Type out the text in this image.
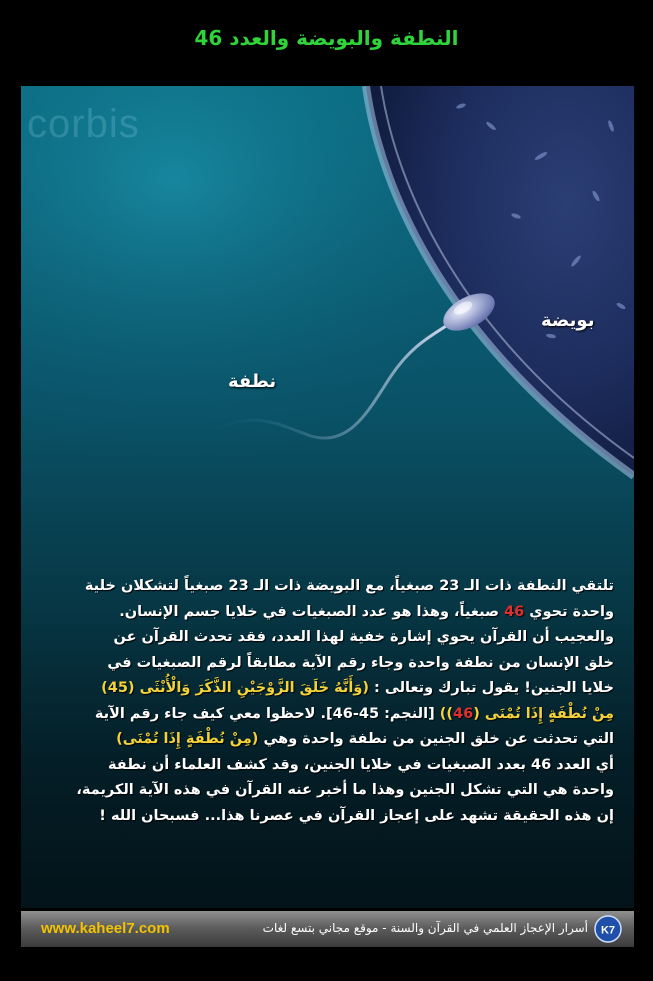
النطفة والبويضة والعدد 46
corbis
بويضة
نطفة

تلتقي النطفة ذات الـ 23 صبغياً، مع البويضة ذات الـ 23 صبغياً لتشكلان خلية

واحدة تحوي 46 صبغياً، وهذا هو عدد الصبغيات في خلايا جسم الإنسان.

والعجيب أن القرآن يحوي إشارة خفية لهذا العدد، فقد تحدث القرآن عن

خلق الإنسان من نطفة واحدة وجاء رقم الآية مطابقاً لرقم الصبغيات في

خلايا الجنين! يقول تبارك وتعالى : (وَأَنَّهُ خَلَقَ الزَّوْجَيْنِ الذَّكَرَ وَالْأُنْثَى (45)

مِنْ نُطْفَةٍ إِذَا تُمْنَى (46)) [النجم: 45-46]. لاحظوا معي كيف جاء رقم الآية

التي تحدثت عن خلق الجنين من نطفة واحدة وهي (مِنْ نُطْفَةٍ إِذَا تُمْنَى)

أي العدد 46 بعدد الصبغيات في خلايا الجنين، وقد كشف العلماء أن نطفة

واحدة هي التي تشكل الجنين وهذا ما أخبر عنه القرآن في هذه الآية الكريمة،

إن هذه الحقيقة تشهد على إعجاز القرآن في عصرنا هذا... فسبحان الله !

www.kaheel7.com	أسرار الإعجاز العلمي في القرآن والسنة - موقع مجاني بتسع لغات K7
